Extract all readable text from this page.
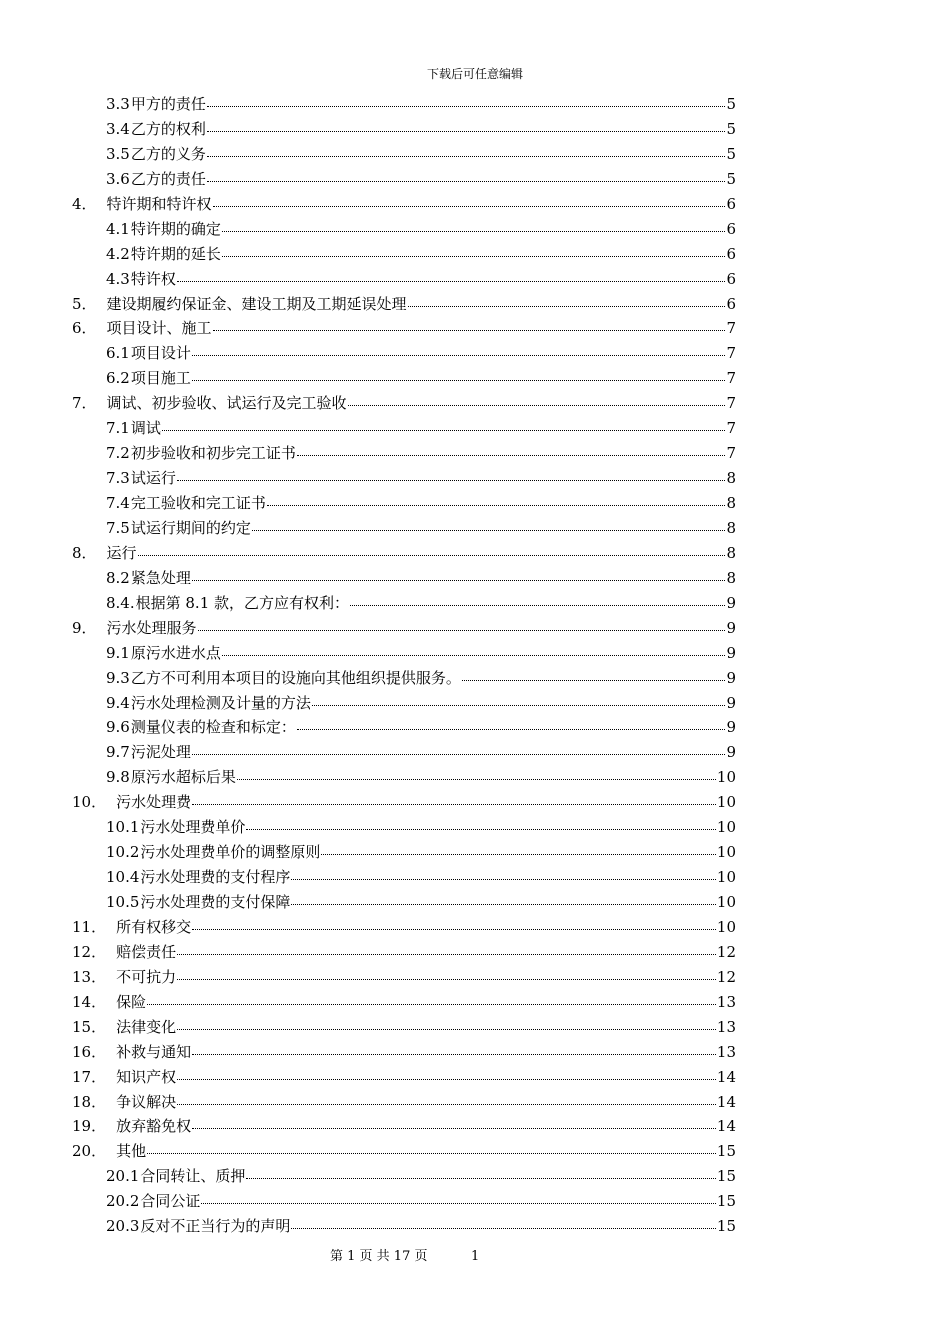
下载后可任意编辑
3.3 甲方的责任	5
3.4 乙方的权利	5
3.5 乙方的义务	5
3.6 乙方的责任	5
4． 特许期和特许权	6
4.1 特许期的确定	6
4.2 特许期的延长	6
4.3 特许权	6
5． 建设期履约保证金、建设工期及工期延误处理	6
6． 项目设计、施工	7
6.1 项目设计	7
6.2 项目施工	7
7． 调试、初步验收、试运行及完工验收	7
7.1 调试	7
7.2 初步验收和初步完工证书	7
7.3 试运行	8
7.4 完工验收和完工证书	8
7.5 试运行期间的约定	8
8． 运行	8
8.2 紧急处理	8
8.4. 根据第 8.1 款，乙方应有权利：	9
9． 污水处理服务	9
9.1 原污水进水点	9
9.3 乙方不可利用本项目的设施向其他组织提供服务。	9
9.4 污水处理检测及计量的方法	9
9.6 测量仪表的检查和标定：	9
9.7 污泥处理	9
9.8 原污水超标后果	10
10． 污水处理费	10
10.1 污水处理费单价	10
10.2 污水处理费单价的调整原则	10
10.4 污水处理费的支付程序	10
10.5 污水处理费的支付保障	10
11． 所有权移交	10
12． 赔偿责任	12
13． 不可抗力	12
14． 保险	13
15． 法律变化	13
16． 补救与通知	13
17． 知识产权	14
18． 争议解决	14
19． 放弃豁免权	14
20． 其他	15
20.1 合同转让、质押	15
20.2 合同公证	15
20.3 反对不正当行为的声明	15
第 1 页 共 17 页	1
